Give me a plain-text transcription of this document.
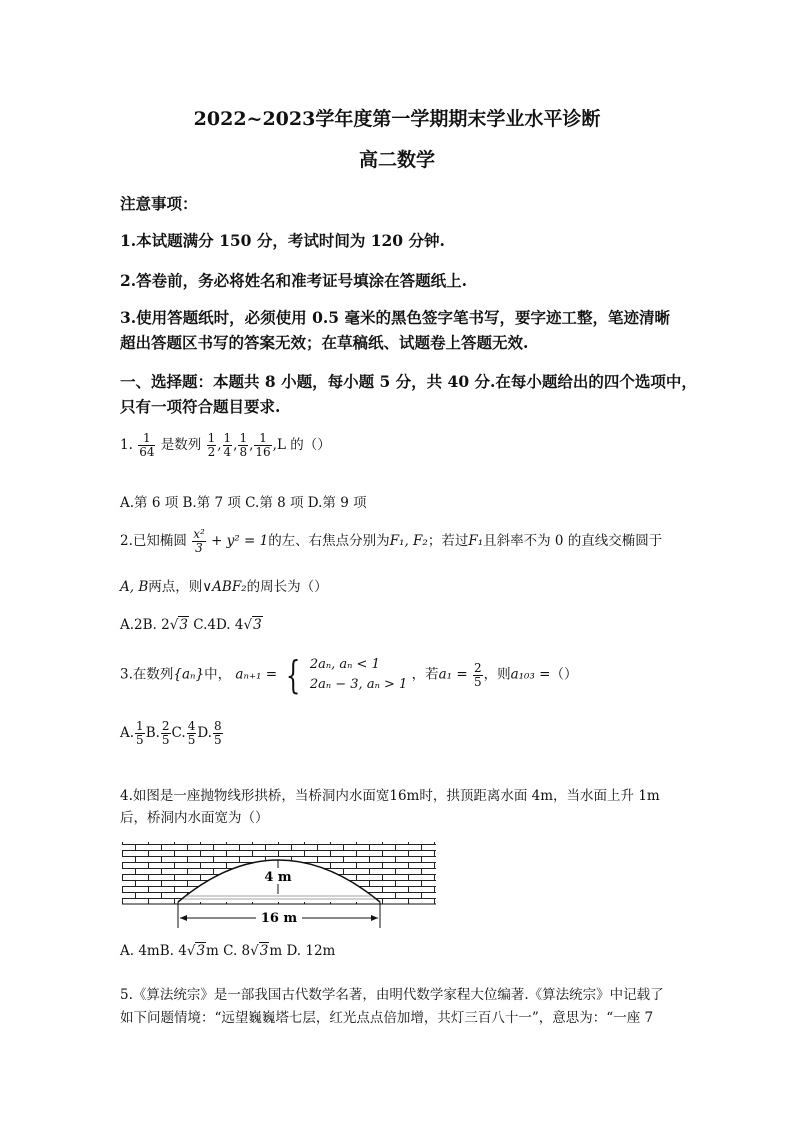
2022~2023学年度第一学期期末学业水平诊断
高二数学
注意事项：
1.本试题满分 150 分，考试时间为 120 分钟.
2.答卷前，务必将姓名和准考证号填涂在答题纸上.
3.使用答题纸时，必须使用 0.5 毫米的黑色签字笔书写，要字迹工整，笔迹清晰
超出答题区书写的答案无效；在草稿纸、试题卷上答题无效.
一、选择题：本题共 8 小题，每小题 5 分，共 40 分.在每小题给出的四个选项中，
只有一项符合题目要求.
1. $\frac{1}{64}$ 是数列 $\frac{1}{2}$ , $\frac{1}{4}$ , $\frac{1}{8}$ , $\frac{1}{16} ,L$ 的（）
A.第 6 项 B.第 7 项 C.第 8 项 D.第 9 项
2.已知椭圆 $\frac{\text{x²}}{3} + y^2 = 1$的左、右焦点分别为F₁, F₂；若过F₁且斜率不为 0 的直线交椭圆于
A, B两点，则∨ABF₂的周长为（）
A.2B. 2√3 C.4D. 4√3
3.在数列{aₙ}中， aₙ₊₁ = { 2aₙ, aₙ < 1
2aₙ − 3, aₙ > 1
，若$a_1 = \frac{2}{5}$ ，则a₁₀₃ =（）
A. $\frac{1}{5} B$. $\frac{2}{5} C$. $\frac{4}{5} D$. $\frac{8}{5}$
4.如图是一座抛物线形拱桥，当桥洞内水面宽16m时，拱顶距离水面 4m，当水面上升 1m
后，桥洞内水面宽为（）
4 m
16 m
A. 4mB. 4√3m C. 8√3m D. 12m
5.《算法统宗》是一部我国古代数学名著，由明代数学家程大位编著.《算法统宗》中记载了
如下问题情境：“远望巍巍塔七层，红光点点倍加增，共灯三百八十一”，意思为：“一座 7
